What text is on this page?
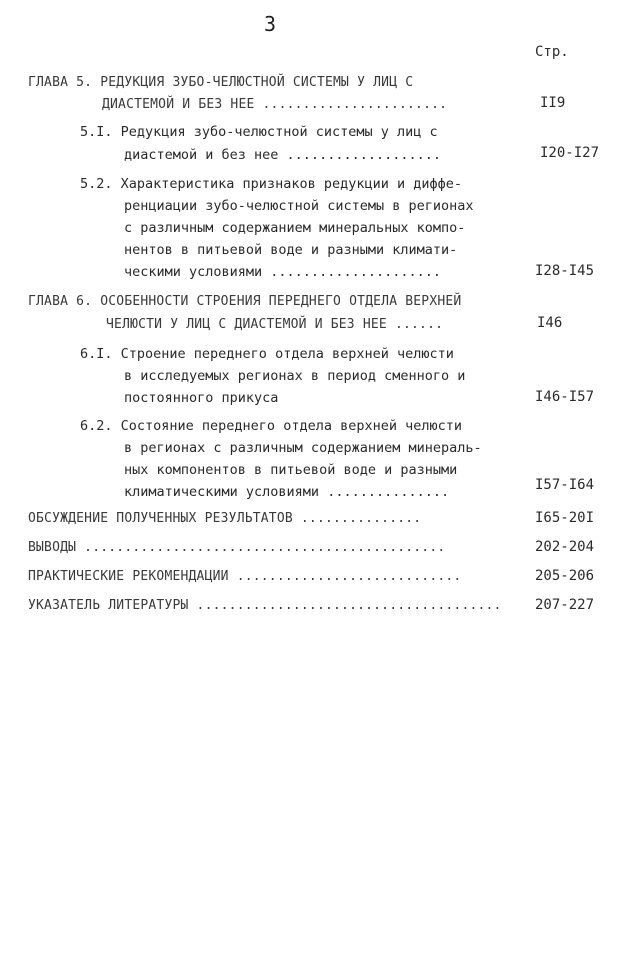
3
Стр.
ГЛАВА 5. РЕДУКЦИЯ ЗУБО-ЧЕЛЮСТНОЙ СИСТЕМЫ У ЛИЦ С
ДИАСТЕМОЙ И БЕЗ НЕЕ .......................	II9
5.I. Редукция зубо-челюстной системы у лиц с
диастемой и без нее ...................	I20-I27
5.2. Характеристика признаков редукции и диффе-
ренциации зубо-челюстной системы в регионах
с различным содержанием минеральных компо-
нентов в питьевой воде и разными климати-
ческими условиями .....................	I28-I45
ГЛАВА 6. ОСОБЕННОСТИ СТРОЕНИЯ ПЕРЕДНЕГО ОТДЕЛА ВЕРХНЕЙ
ЧЕЛЮСТИ У ЛИЦ С ДИАСТЕМОЙ И БЕЗ НЕЕ ......	I46
6.I. Строение переднего отдела верхней челюсти
в исследуемых регионах в период сменного и
постоянного прикуса	I46-I57
6.2. Состояние переднего отдела верхней челюсти
в регионах с различным содержанием минераль-
ных компонентов в питьевой воде и разными
климатическими условиями ...............	I57-I64
ОБСУЖДЕНИЕ ПОЛУЧЕННЫХ РЕЗУЛЬТАТОВ ...............	I65-20I
ВЫВОДЫ .............................................	202-204
ПРАКТИЧЕСКИЕ РЕКОМЕНДАЦИИ ............................	205-206
УКАЗАТЕЛЬ ЛИТЕРАТУРЫ ...................................... 207-227
